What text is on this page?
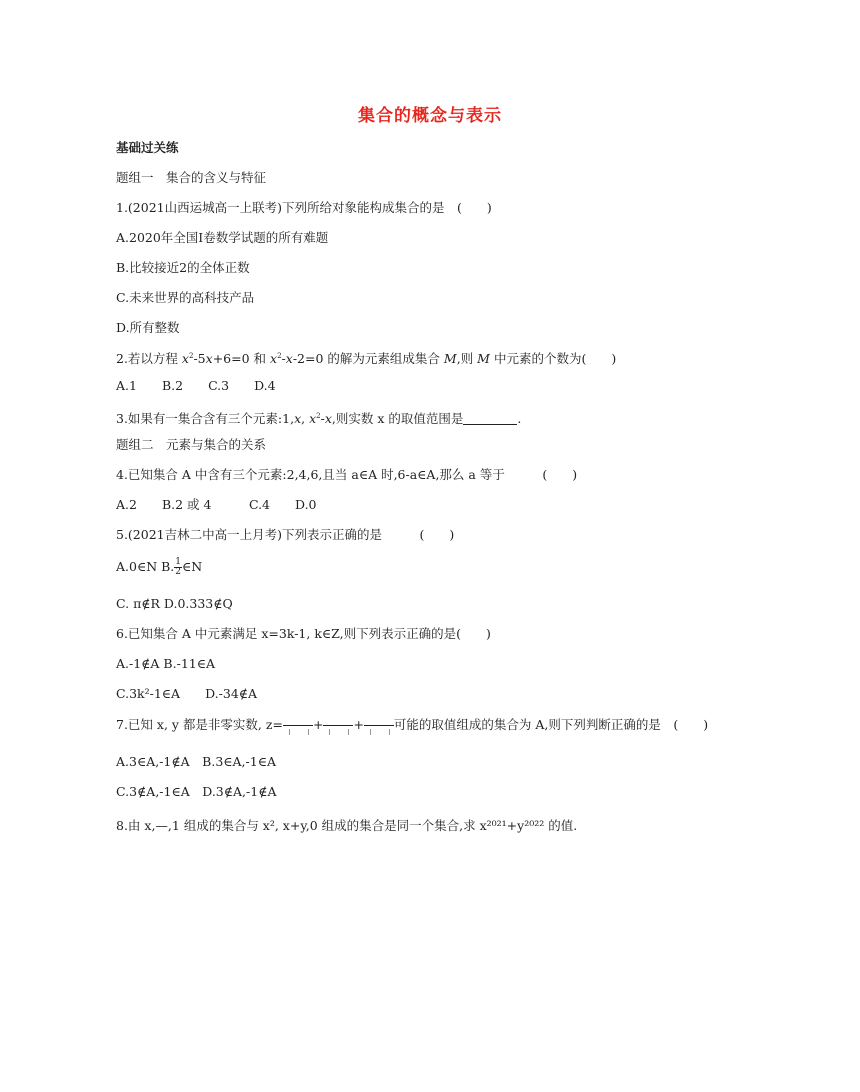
集合的概念与表示
基础过关练
题组一　集合的含义与特征
1.(2021山西运城高一上联考)下列所给对象能构成集合的是　(　　)
A.2020年全国Ⅰ卷数学试题的所有难题
B.比较接近2的全体正数
C.未来世界的高科技产品
D.所有整数
2.若以方程 $x^2-5x+6=0$ 和 $x^2-x-2=0$ 的解为元素组成集合 M,则 M 中元素的个数为(　　)
A.1　　B.2　　C.3　　D.4
3.如果有一集合含有三个元素:1,x, $x^2-x$,则实数 x 的取值范围是	.
题组二　元素与集合的关系
4.已知集合 A 中含有三个元素:2,4,6,且当 a∈A 时,6-a∈A,那么 a 等于　　　(　　)
A.2　　B.2 或 4　　　C.4　　D.0
5.(2021吉林二中高一上月考)下列表示正确的是　　　(　　)
A.0∈N B. $\frac{1}{2}$ ∈N
C. π∉R D.0.333∉Q
6.已知集合 A 中元素满足 x=3k-1, k∈Z,则下列表示正确的是(　　)
A.-1∉A B.-11∈A
C.3k²-1∈A　　D.-34∉A
7.已知 x, y 都是非零实数, z= + + 可能的取值组成的集合为 A,则下列判断正确的是　(　　)
A.3∈A,-1∉A　B.3∈A,-1∈A
C.3∉A,-1∈A　D.3∉A,-1∉A
8.由 x,—,1 组成的集合与 x², x+y,0 组成的集合是同一个集合,求 x²⁰²¹+y²⁰²² 的值.
